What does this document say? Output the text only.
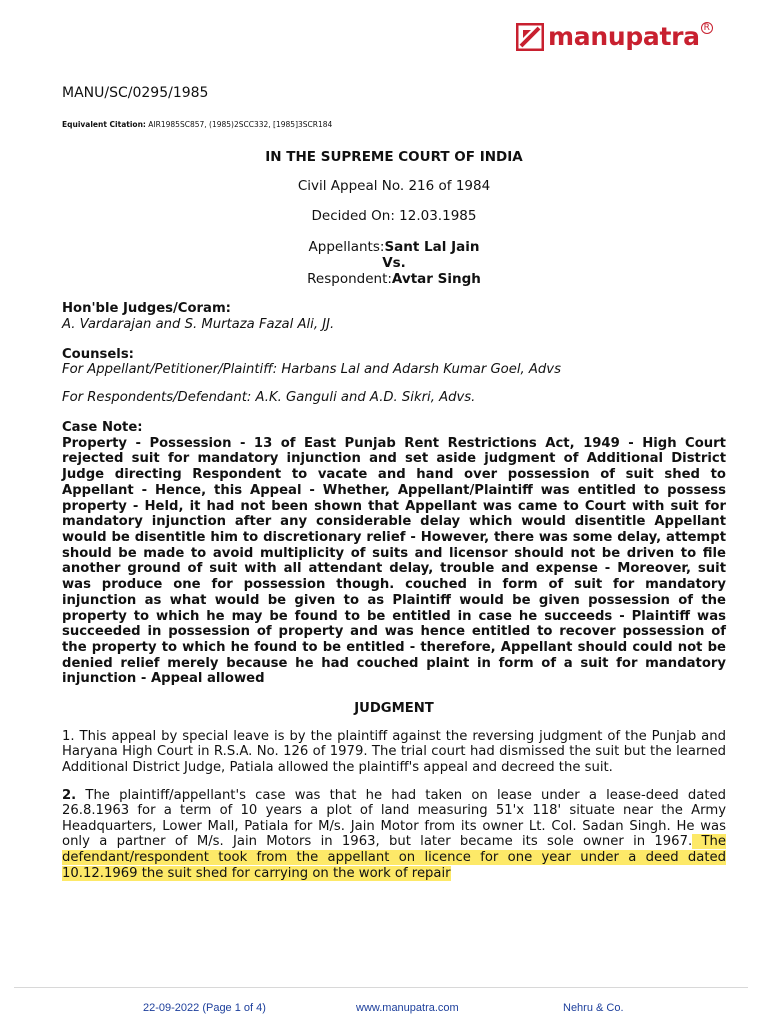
manupatra R
MANU/SC/0295/1985
Equivalent Citation: AIR1985SC857, (1985)2SCC332, [1985]3SCR184
IN THE SUPREME COURT OF INDIA
Civil Appeal No. 216 of 1984
Decided On: 12.03.1985
Appellants:Sant Lal Jain
Vs.
Respondent:Avtar Singh
Hon'ble Judges/Coram:
A. Vardarajan and S. Murtaza Fazal Ali, JJ.
Counsels:
For Appellant/Petitioner/Plaintiff: Harbans Lal and Adarsh Kumar Goel, Advs
For Respondents/Defendant: A.K. Ganguli and A.D. Sikri, Advs.
Case Note:
Property - Possession - 13 of East Punjab Rent Restrictions Act, 1949 - High Court rejected suit for mandatory injunction and set aside judgment of Additional District Judge directing Respondent to vacate and hand over possession of suit shed to Appellant - Hence, this Appeal - Whether, Appellant/Plaintiff was entitled to possess property - Held, it had not been shown that Appellant was came to Court with suit for mandatory injunction after any considerable delay which would disentitle Appellant would be disentitle him to discretionary relief - However, there was some delay, attempt should be made to avoid multiplicity of suits and licensor should not be driven to file another ground of suit with all attendant delay, trouble and expense - Moreover, suit was produce one for possession though. couched in form of suit for mandatory injunction as what would be given to as Plaintiff would be given possession of the property to which he may be found to be entitled in case he succeeds - Plaintiff was succeeded in possession of property and was hence entitled to recover possession of the property to which he found to be entitled - therefore, Appellant should could not be denied relief merely because he had couched plaint in form of a suit for mandatory injunction - Appeal allowed
JUDGMENT
1. This appeal by special leave is by the plaintiff against the reversing judgment of the Punjab and Haryana High Court in R.S.A. No. 126 of 1979. The trial court had dismissed the suit but the learned Additional District Judge, Patiala allowed the plaintiff's appeal and decreed the suit.
2. The plaintiff/appellant's case was that he had taken on lease under a lease-deed dated 26.8.1963 for a term of 10 years a plot of land measuring 51'x 118' situate near the Army Headquarters, Lower Mall, Patiala for M/s. Jain Motor from its owner Lt. Col. Sadan Singh. He was only a partner of M/s. Jain Motors in 1963, but later became its sole owner in 1967. The defendant/respondent took from the appellant on licence for one year under a deed dated 10.12.1969 the suit shed for carrying on the work of repair
22-09-2022 (Page 1 of 4)	www.manupatra.com	Nehru & Co.
